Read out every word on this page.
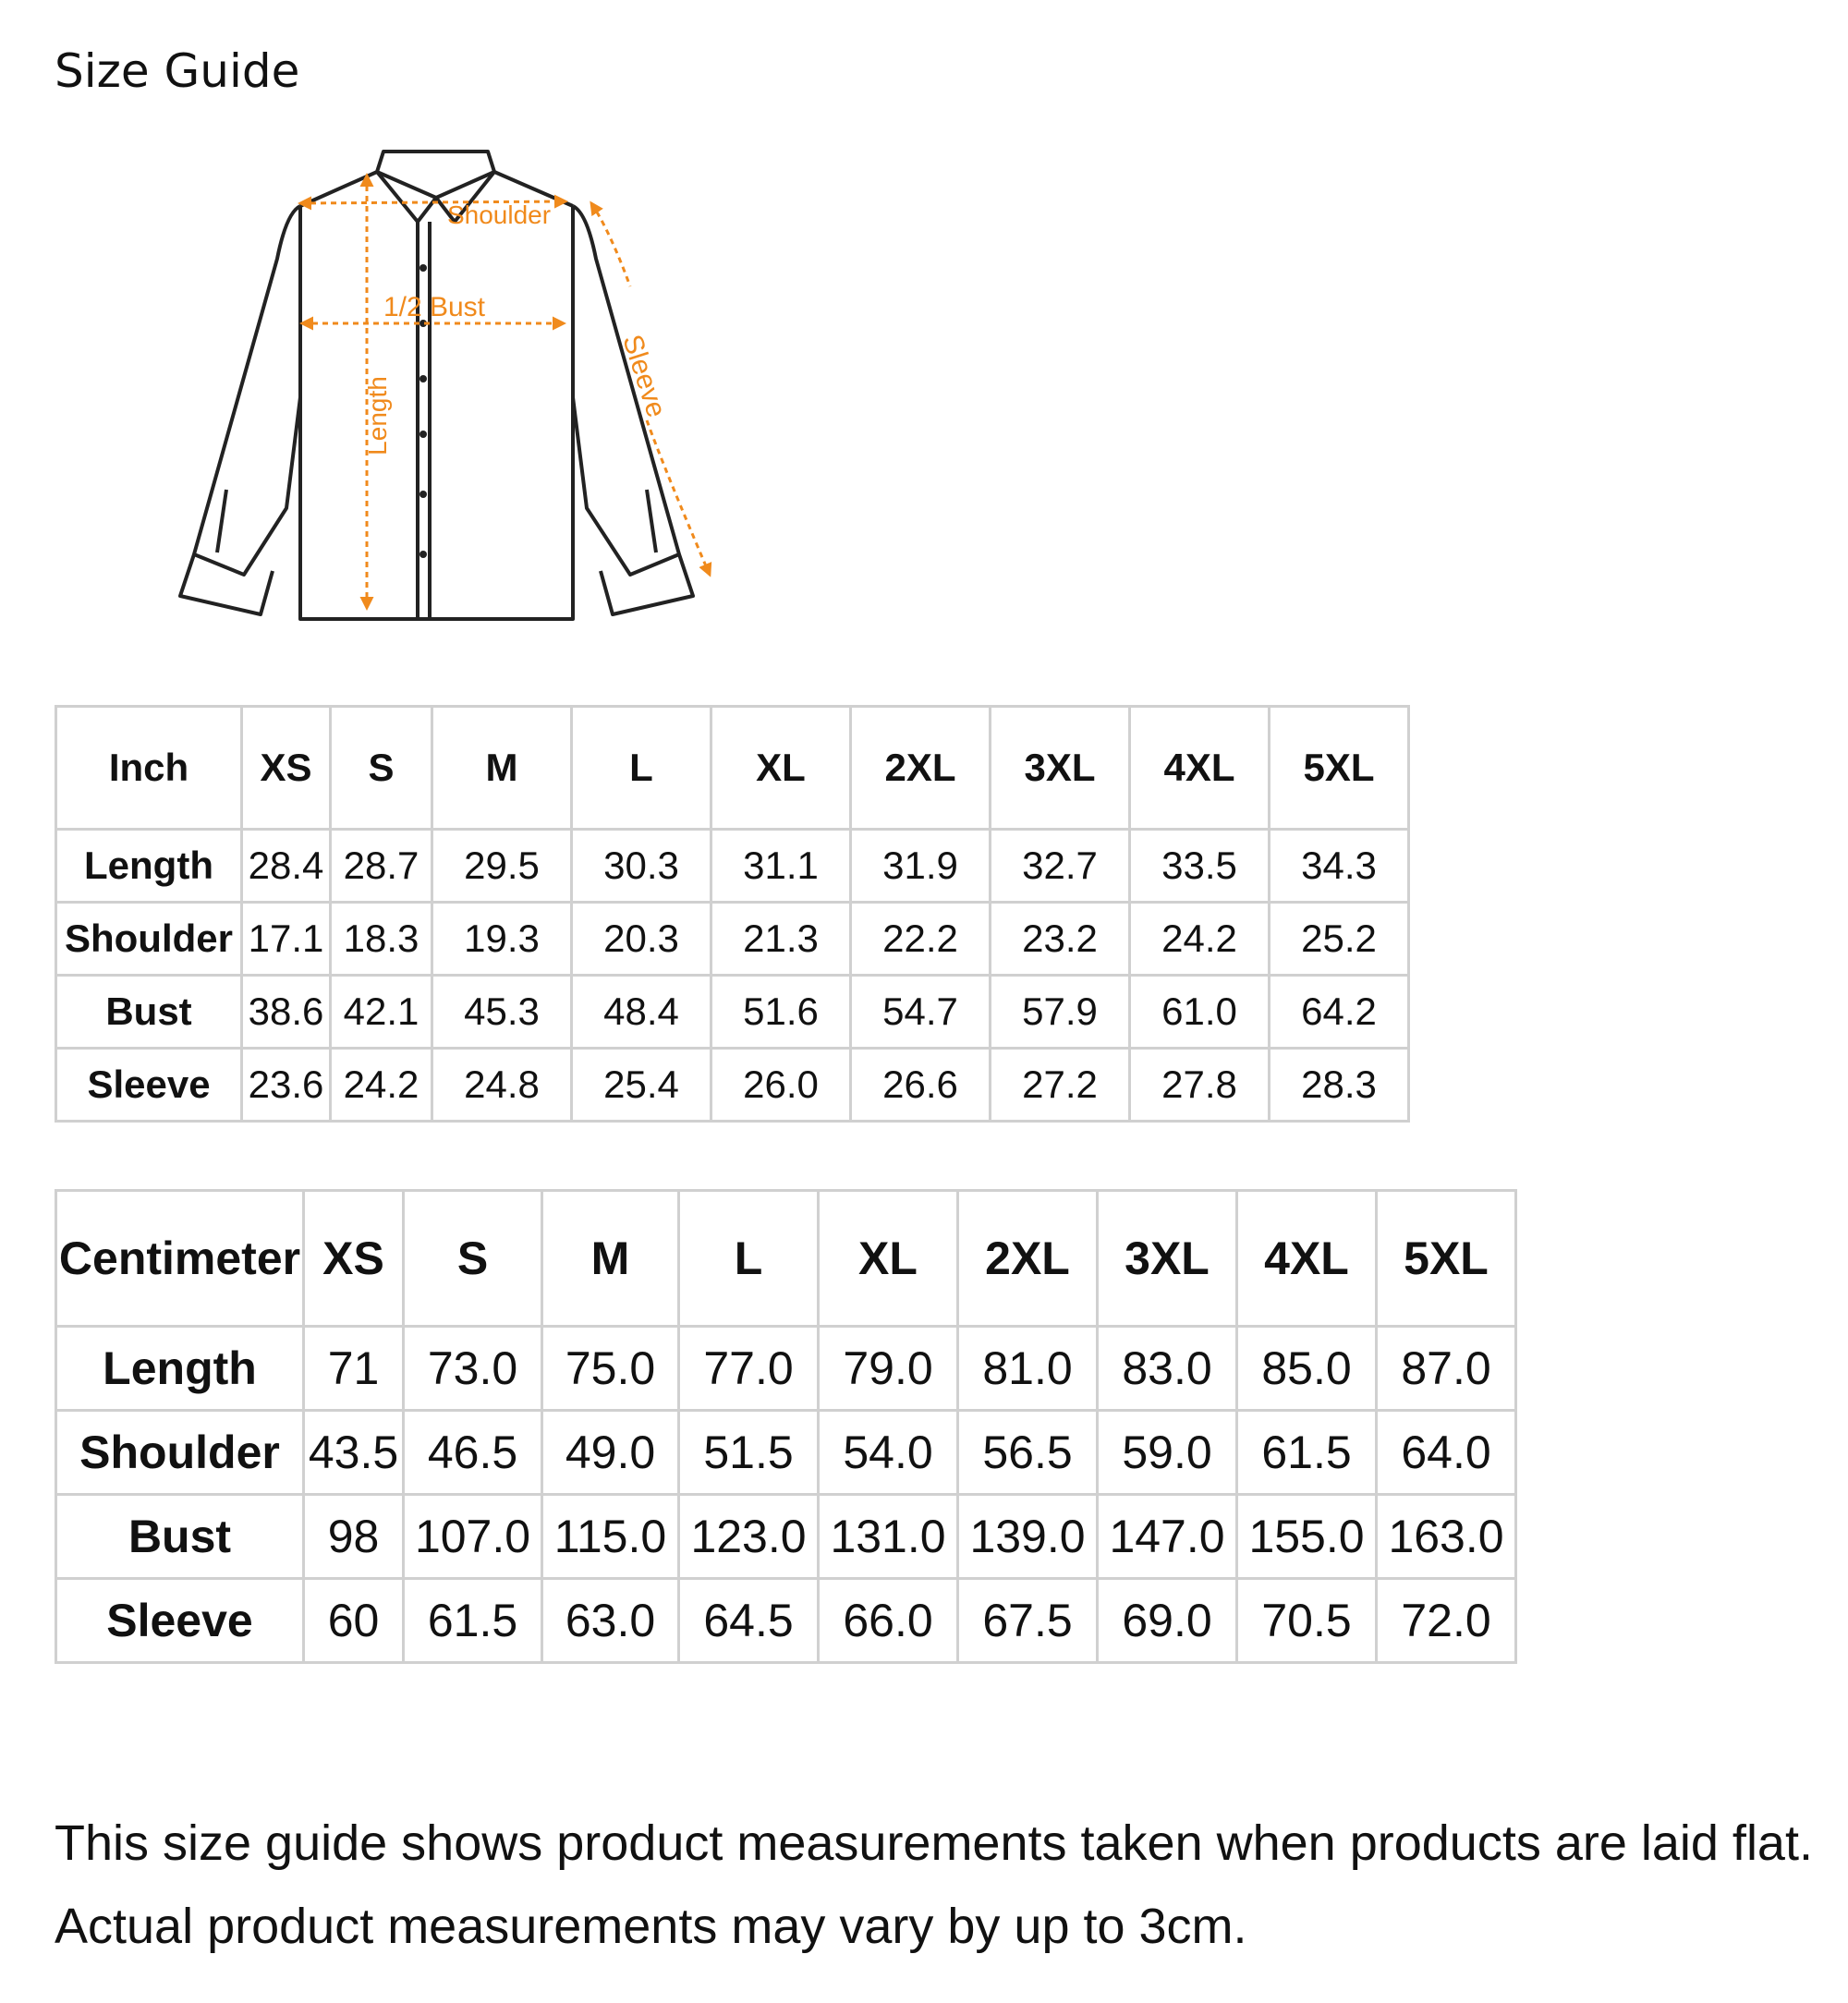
Size Guide
Shoulder
1/2 Bust
Length	Sleeve
Inch	XS	S	M	L	XL	2XL	3XL	4XL	5XL
Length	28.4	28.7	29.5	30.3	31.1	31.9	32.7	33.5	34.3
Shoulder	17.1	18.3	19.3	20.3	21.3	22.2	23.2	24.2	25.2
Bust	38.6	42.1	45.3	48.4	51.6	54.7	57.9	61.0	64.2
Sleeve	23.6	24.2	24.8	25.4	26.0	26.6	27.2	27.8	28.3
Centimeter	XS	S	M	L	XL	2XL	3XL	4XL	5XL
Length	71	73.0	75.0	77.0	79.0	81.0	83.0	85.0	87.0
Shoulder	43.5	46.5	49.0	51.5	54.0	56.5	59.0	61.5	64.0
Bust	98	107.0	115.0	123.0	131.0	139.0	147.0	155.0	163.0
Sleeve	60	61.5	63.0	64.5	66.0	67.5	69.0	70.5	72.0
This size guide shows product measurements taken when products are laid flat. Actual product measurements may vary by up to 3cm.
